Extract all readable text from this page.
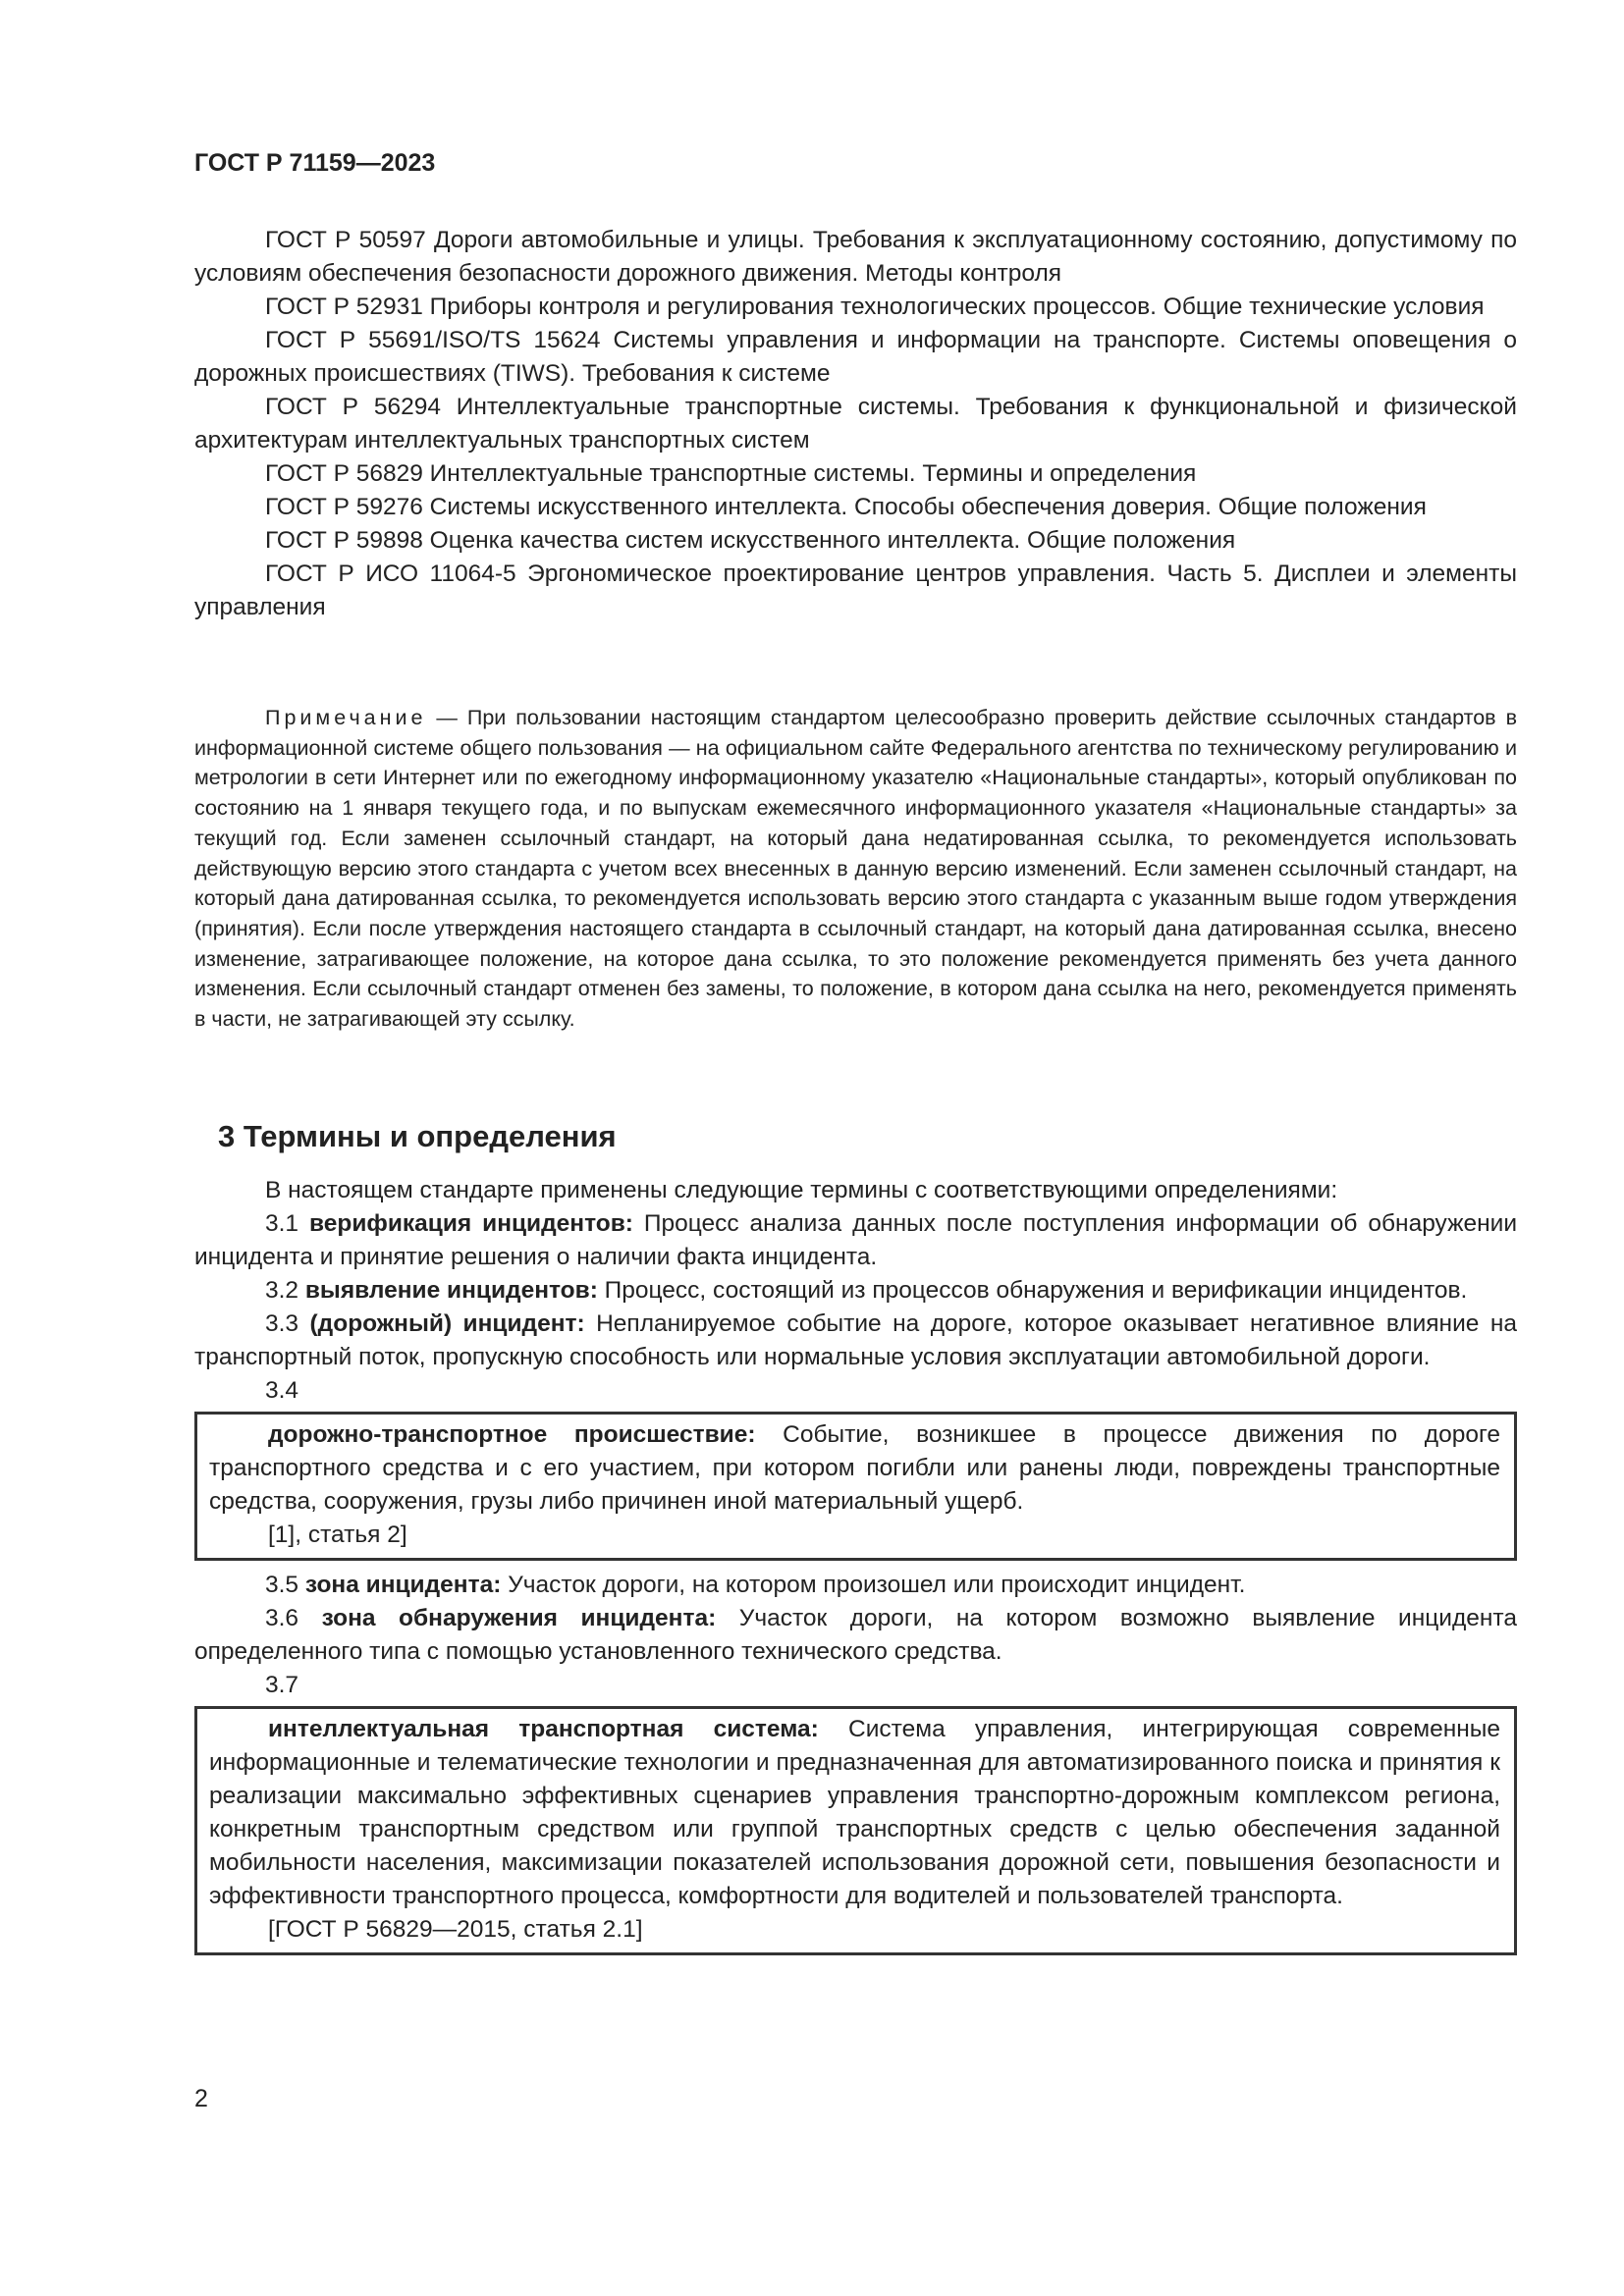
ГОСТ Р 71159—2023

ГОСТ Р 50597 Дороги автомобильные и улицы. Требования к эксплуатационному состоянию, допустимому по условиям обеспечения безопасности дорожного движения. Методы контроля

ГОСТ Р 52931 Приборы контроля и регулирования технологических процессов. Общие технические условия

ГОСТ Р 55691/ISO/TS 15624 Системы управления и информации на транспорте. Системы оповещения о дорожных происшествиях (TIWS). Требования к системе

ГОСТ Р 56294 Интеллектуальные транспортные системы. Требования к функциональной и физической архитектурам интеллектуальных транспортных систем

ГОСТ Р 56829 Интеллектуальные транспортные системы. Термины и определения

ГОСТ Р 59276 Системы искусственного интеллекта. Способы обеспечения доверия. Общие положения

ГОСТ Р 59898 Оценка качества систем искусственного интеллекта. Общие положения

ГОСТ Р ИСО 11064-5 Эргономическое проектирование центров управления. Часть 5. Дисплеи и элементы управления

Примечание — При пользовании настоящим стандартом целесообразно проверить действие ссылочных стандартов в информационной системе общего пользования — на официальном сайте Федерального агентства по техническому регулированию и метрологии в сети Интернет или по ежегодному информационному указателю «Национальные стандарты», который опубликован по состоянию на 1 января текущего года, и по выпускам ежемесячного информационного указателя «Национальные стандарты» за текущий год. Если заменен ссылочный стандарт, на который дана недатированная ссылка, то рекомендуется использовать действующую версию этого стандарта с учетом всех внесенных в данную версию изменений. Если заменен ссылочный стандарт, на который дана датированная ссылка, то рекомендуется использовать версию этого стандарта с указанным выше годом утверждения (принятия). Если после утверждения настоящего стандарта в ссылочный стандарт, на который дана датированная ссылка, внесено изменение, затрагивающее положение, на которое дана ссылка, то это положение рекомендуется применять без учета данного изменения. Если ссылочный стандарт отменен без замены, то положение, в котором дана ссылка на него, рекомендуется применять в части, не затрагивающей эту ссылку.

3 Термины и определения

В настоящем стандарте применены следующие термины с соответствующими определениями:

3.1 верификация инцидентов: Процесс анализа данных после поступления информации об обнаружении инцидента и принятие решения о наличии факта инцидента.

3.2 выявление инцидентов: Процесс, состоящий из процессов обнаружения и верификации инцидентов.

3.3 (дорожный) инцидент: Непланируемое событие на дороге, которое оказывает негативное влияние на транспортный поток, пропускную способность или нормальные условия эксплуатации автомобильной дороги.

3.4

дорожно-транспортное происшествие: Событие, возникшее в процессе движения по дороге транспортного средства и с его участием, при котором погибли или ранены люди, повреждены транспортные средства, сооружения, грузы либо причинен иной материальный ущерб.

[1], статья 2]

3.5 зона инцидента: Участок дороги, на котором произошел или происходит инцидент.

3.6 зона обнаружения инцидента: Участок дороги, на котором возможно выявление инцидента определенного типа с помощью установленного технического средства.

3.7

интеллектуальная транспортная система: Система управления, интегрирующая современные информационные и телематические технологии и предназначенная для автоматизированного поиска и принятия к реализации максимально эффективных сценариев управления транспортно-дорожным комплексом региона, конкретным транспортным средством или группой транспортных средств с целью обеспечения заданной мобильности населения, максимизации показателей использования дорожной сети, повышения безопасности и эффективности транспортного процесса, комфортности для водителей и пользователей транспорта.

[ГОСТ Р 56829—2015, статья 2.1]

2
